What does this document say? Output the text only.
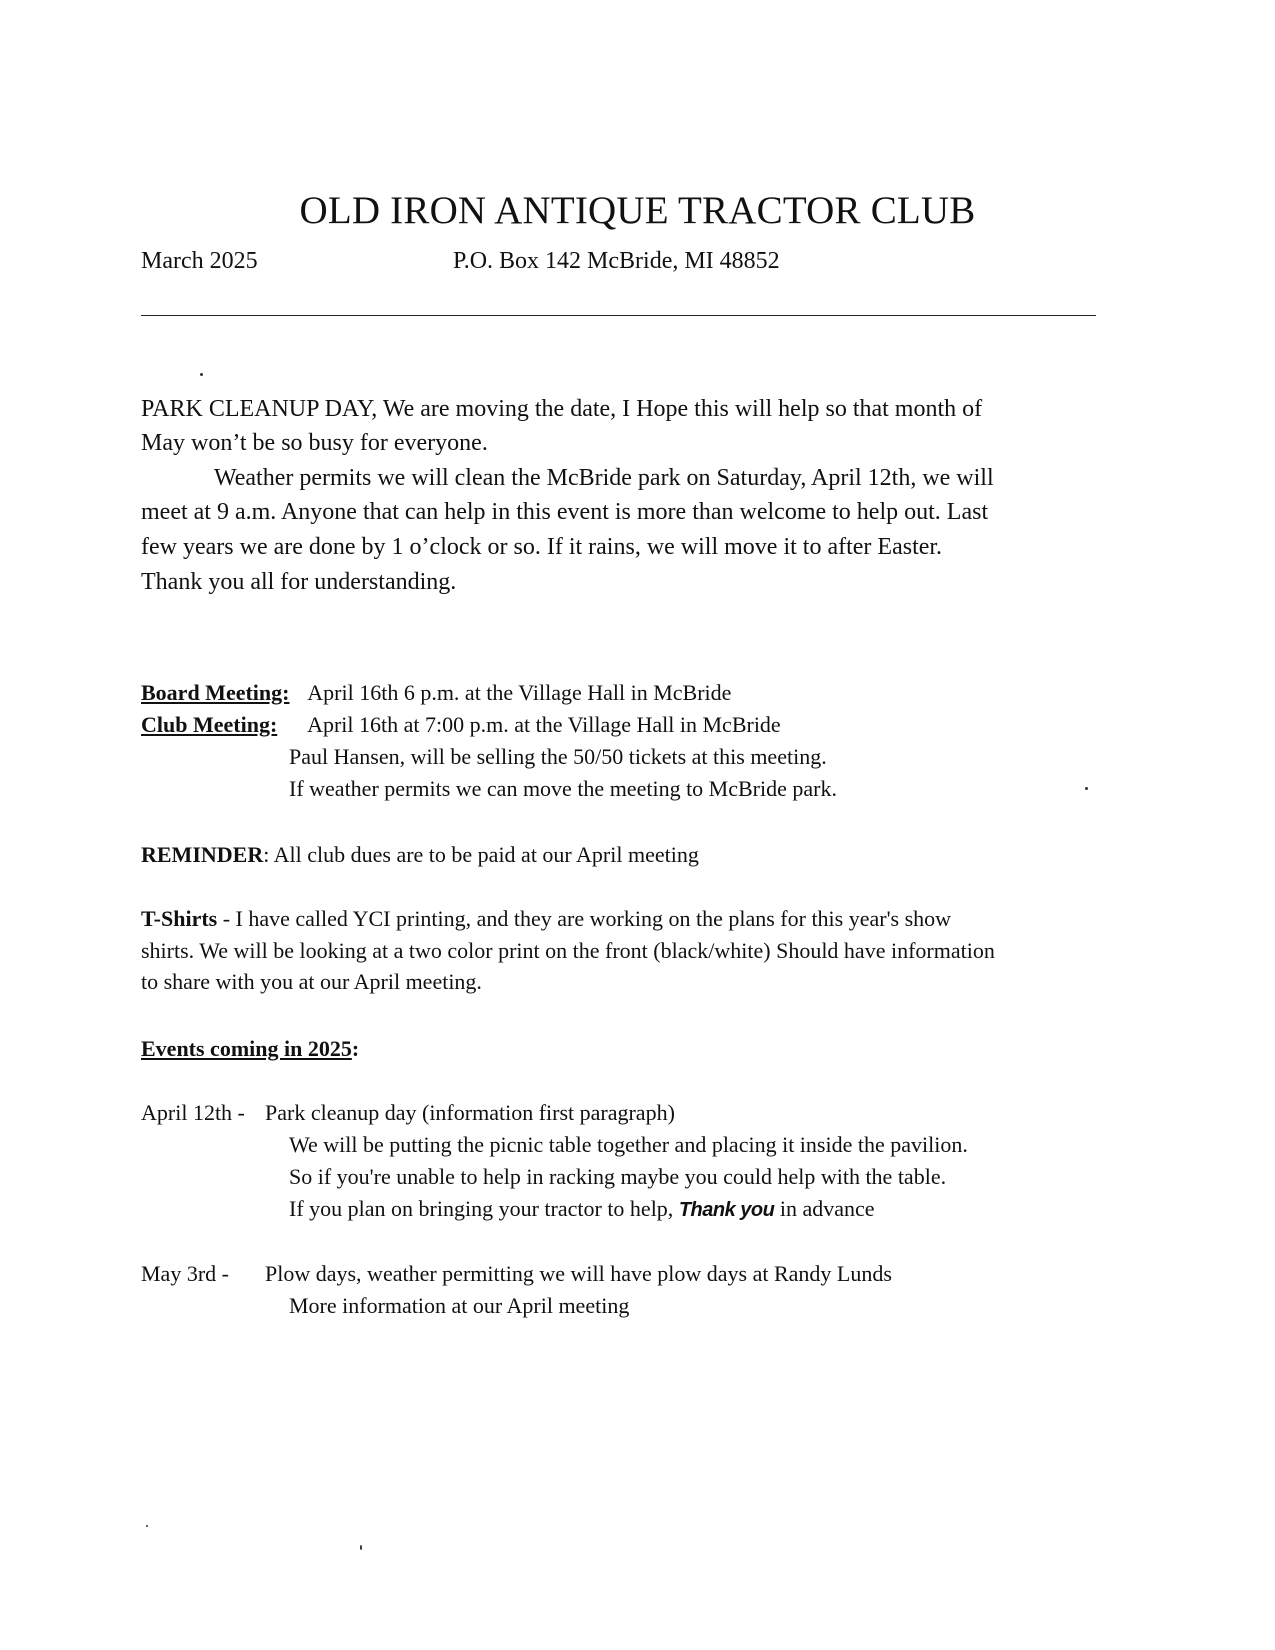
OLD IRON ANTIQUE TRACTOR CLUB
March 2025	P.O. Box 142 McBride, MI 48852
PARK CLEANUP DAY, We are moving the date, I Hope this will help so that month of
May won’t be so busy for everyone.
Weather permits we will clean the McBride park on Saturday, April 12th, we will
meet at 9 a.m. Anyone that can help in this event is more than welcome to help out. Last
few years we are done by 1 o’clock or so. If it rains, we will move it to after Easter.
Thank you all for understanding.
Board Meeting: April 16th 6 p.m. at the Village Hall in McBride
Club Meeting: April 16th at 7:00 p.m. at the Village Hall in McBride
Paul Hansen, will be selling the 50/50 tickets at this meeting.
If weather permits we can move the meeting to McBride park.
REMINDER: All club dues are to be paid at our April meeting
T-Shirts - I have called YCI printing, and they are working on the plans for this year's show
shirts. We will be looking at a two color print on the front (black/white) Should have information
to share with you at our April meeting.
Events coming in 2025:
April 12th - Park cleanup day (information first paragraph)
We will be putting the picnic table together and placing it inside the pavilion.
So if you're unable to help in racking maybe you could help with the table.
If you plan on bringing your tractor to help, Thank you in advance
May 3rd - Plow days, weather permitting we will have plow days at Randy Lunds
More information at our April meeting
